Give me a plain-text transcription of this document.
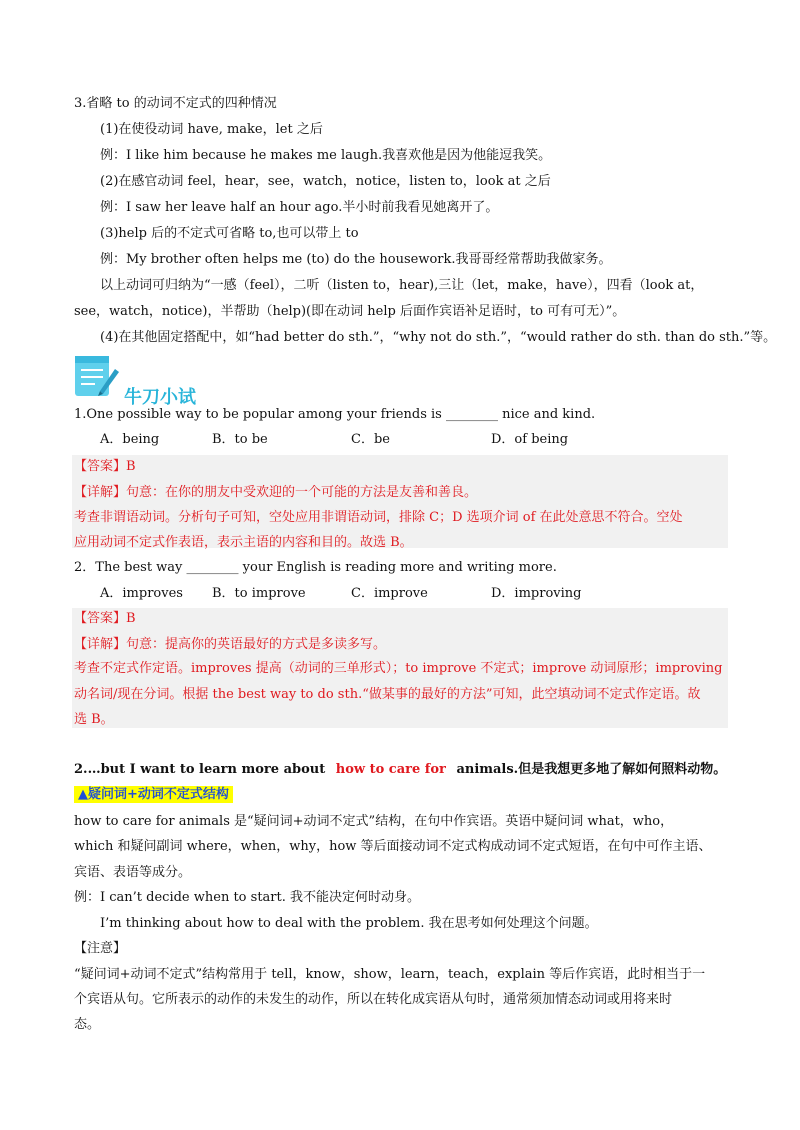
3.省略 to 的动词不定式的四种情况
(1)在使役动词 have, make，let 之后
例：I like him because he makes me laugh.我喜欢他是因为他能逗我笑。
(2)在感官动词 feel，hear，see，watch，notice，listen to，look at 之后
例：I saw her leave half an hour ago.半小时前我看见她离开了。
(3)help 后的不定式可省略 to,也可以带上 to
例：My brother often helps me (to) do the housework.我哥哥经常帮助我做家务。
以上动词可归纳为“一感（feel），二听（listen to，hear),三让（let，make，have），四看（look at，
see，watch，notice)，半帮助（help)(即在动词 help 后面作宾语补足语时，to 可有可无）”。
(4)在其他固定搭配中，如“had better do sth.”，“why not do sth.”，“would rather do sth. than do sth.”等。
牛刀小试
1.One possible way to be popular among your friends is ________ nice and kind.
A．being	B．to be	C．be	D．of being
【答案】B
【详解】句意：在你的朋友中受欢迎的一个可能的方法是友善和善良。
考查非谓语动词。分析句子可知，空处应用非谓语动词，排除 C；D 选项介词 of 在此处意思不符合。空处
应用动词不定式作表语，表示主语的内容和目的。故选 B。
2．The best way ________ your English is reading more and writing more.
A．improves B．to improve	C．improve	D．improving
【答案】B
【详解】句意：提高你的英语最好的方式是多读多写。
考查不定式作定语。improves 提高（动词的三单形式）；to improve 不定式；improve 动词原形；improving
动名词/现在分词。根据 the best way to do sth.“做某事的最好的方法”可知，此空填动词不定式作定语。故
选 B。
2.…but I want to learn more about how to care for animals.但是我想更多地了解如何照料动物。
▲疑问词+动词不定式结构
how to care for animals 是“疑问词+动词不定式”结构，在句中作宾语。英语中疑问词 what，who，
which 和疑问副词 where，when，why，how 等后面接动词不定式构成动词不定式短语，在句中可作主语、
宾语、表语等成分。
例：I can’t decide when to start. 我不能决定何时动身。
I’m thinking about how to deal with the problem. 我在思考如何处理这个问题。
【注意】
“疑问词+动词不定式”结构常用于 tell，know，show，learn，teach，explain 等后作宾语，此时相当于一
个宾语从句。它所表示的动作的未发生的动作，所以在转化成宾语从句时，通常须加情态动词或用将来时
态。
